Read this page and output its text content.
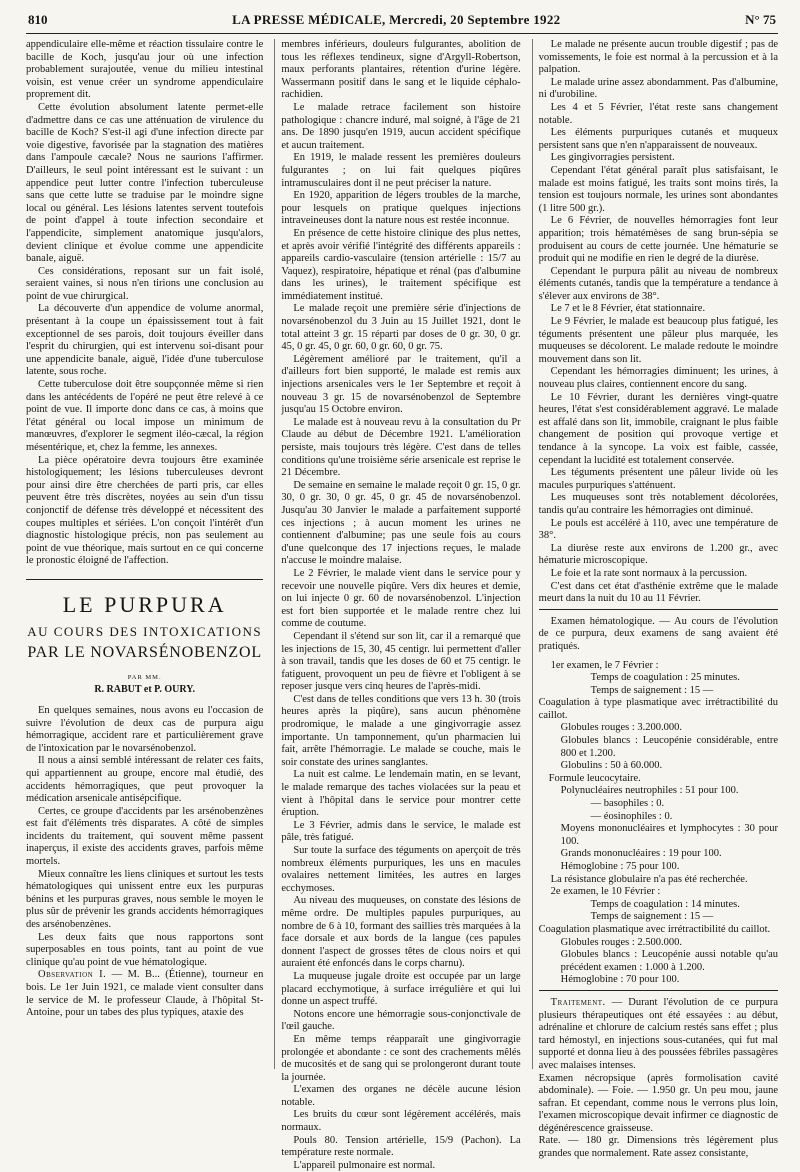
810	LA PRESSE MÉDICALE, Mercredi, 20 Septembre 1922	N° 75

appendiculaire elle-même et réaction tissulaire contre le bacille de Koch, jusqu'au jour où une infection probablement surajoutée, venue du milieu intestinal voisin, est venue créer un syndrome appendiculaire proprement dit.

Cette évolution absolument latente permet-elle d'admettre dans ce cas une atténuation de virulence du bacille de Koch? S'est-il agi d'une infection directe par voie digestive, favorisée par la stagnation des matières dans l'ampoule cæcale? Nous ne saurions l'affirmer. D'ailleurs, le seul point intéressant est le suivant : un appendice peut lutter contre l'infection tuberculeuse sans que cette lutte se traduise par le moindre signe local ou général. Les lésions latentes servent toutefois de point d'appel à toute infection secondaire et l'appendicite, simplement anatomique jusqu'alors, devient clinique et évolue comme une appendicite banale, aiguë.

Ces considérations, reposant sur un fait isolé, seraient vaines, si nous n'en tirions une conclusion au point de vue chirurgical.

La découverte d'un appendice de volume anormal, présentant à la coupe un épaississement tout à fait exceptionnel de ses parois, doit toujours éveiller dans l'esprit du chirurgien, qui est intervenu soi-disant pour une appendicite banale, aiguë, l'idée d'une tuberculose latente, sous roche.

Cette tuberculose doit être soupçonnée même si rien dans les antécédents de l'opéré ne peut être relevé à ce point de vue. Il importe donc dans ce cas, à moins que l'état général ou local impose un minimum de manœuvres, d'explorer le segment iléo-cæcal, la région mésentérique, et, chez la femme, les annexes.

La pièce opératoire devra toujours être examinée histologiquement; les lésions tuberculeuses devront pour ainsi dire être cherchées de parti pris, car elles peuvent être très discrètes, noyées au sein d'un tissu conjonctif de défense très développé et nécessitent des coupes multiples et sériées. L'on conçoit l'intérêt d'un diagnostic histologique précis, non pas seulement au point de vue théorique, mais surtout en ce qui concerne le pronostic éloigné de l'affection.

LE PURPURA
AU COURS DES INTOXICATIONS
PAR LE NOVARSÉNOBENZOL
PAR MM.
R. RABUT et P. OURY.

En quelques semaines, nous avons eu l'occasion de suivre l'évolution de deux cas de purpura aigu hémorragique, accident rare et particulièrement grave de l'intoxication par le novarsénobenzol.

Il nous a ainsi semblé intéressant de relater ces faits, qui appartiennent au groupe, encore mal étudié, des accidents hémorragiques, que peut provoquer la médication arsenicale antisépcifique.

Certes, ce groupe d'accidents par les arsénobenzènes est fait d'éléments très disparates. A côté de simples incidents du traitement, qui souvent même passent inaperçus, il existe des accidents graves, parfois même mortels.

Mieux connaître les liens cliniques et surtout les tests hématologiques qui unissent entre eux les purpuras bénins et les purpuras graves, nous semble le moyen le plus sûr de prévenir les grands accidents hémorragiques des arsénobenzènes.

Les deux faits que nous rapportons sont superposables en tous points, tant au point de vue clinique qu'au point de vue hématologique.

Observation I. — M. B... (Étienne), tourneur en bois. Le 1er Juin 1921, ce malade vient consulter dans le service de M. le professeur Claude, à l'hôpital St-Antoine, pour un tabes des plus typiques, ataxie des

membres inférieurs, douleurs fulgurantes, abolition de tous les réflexes tendineux, signe d'Argyll-Robertson, maux perforants plantaires, rétention d'urine légère. Wassermann positif dans le sang et le liquide céphalo-rachidien.

Le malade retrace facilement son histoire pathologique : chancre induré, mal soigné, à l'âge de 21 ans. De 1890 jusqu'en 1919, aucun accident spécifique et aucun traitement.

En 1919, le malade ressent les premières douleurs fulgurantes ; on lui fait quelques piqûres intramusculaires dont il ne peut préciser la nature.

En 1920, apparition de légers troubles de la marche, pour lesquels on pratique quelques injections intraveineuses dont la nature nous est restée inconnue.

En présence de cette histoire clinique des plus nettes, et après avoir vérifié l'intégrité des différents appareils : appareils cardio-vasculaire (tension artérielle : 15/7 au Vaquez), respiratoire, hépatique et rénal (pas d'albumine dans les urines), le traitement spécifique est immédiatement institué.

Le malade reçoit une première série d'injections de novarsénobenzol du 3 Juin au 15 Juillet 1921, dont le total atteint 3 gr. 15 réparti par doses de 0 gr. 30, 0 gr. 45, 0 gr. 45, 0 gr. 60, 0 gr. 60, 0 gr. 75.

Légèrement amélioré par le traitement, qu'il a d'ailleurs fort bien supporté, le malade est remis aux injections arsenicales vers le 1er Septembre et reçoit à nouveau 3 gr. 15 de novarsénobenzol de Septembre jusqu'au 15 Octobre environ.

Le malade est à nouveau revu à la consultation du Pr Claude au début de Décembre 1921. L'amélioration persiste, mais toujours très légère. C'est dans de telles conditions qu'une troisième série arsenicale est reprise le 21 Décembre.

De semaine en semaine le malade reçoit 0 gr. 15, 0 gr. 30, 0 gr. 30, 0 gr. 45, 0 gr. 45 de novarsénobenzol. Jusqu'au 30 Janvier le malade a parfaitement supporté ces injections ; à aucun moment les urines ne contiennent d'albumine; pas une seule fois au cours d'une quelconque des 17 injections reçues, le malade n'accuse le moindre malaise.

Le 2 Février, le malade vient dans le service pour y recevoir une nouvelle piqûre. Vers dix heures et demie, on lui injecte 0 gr. 60 de novarsénobenzol. L'injection est fort bien supportée et le malade rentre chez lui comme de coutume.

Cependant il s'étend sur son lit, car il a remarqué que les injections de 15, 30, 45 centigr. lui permettent d'aller à son travail, tandis que les doses de 60 et 75 centigr. le fatiguent, provoquent un peu de fièvre et l'obligent à se reposer jusque vers cinq heures de l'après-midi.

C'est dans de telles conditions que vers 13 h. 30 (trois heures après la piqûre), sans aucun phénomène prodromique, le malade a une gingivorragie assez importante. Un tamponnement, qu'un pharmacien lui fait, arrête l'hémorragie. Le malade se couche, mais le soir constate des urines sanglantes.

La nuit est calme. Le lendemain matin, en se levant, le malade remarque des taches violacées sur la peau et vient à l'hôpital dans le service pour montrer cette éruption.

Le 3 Février, admis dans le service, le malade est pâle, très fatigué.

Sur toute la surface des téguments on aperçoit de très nombreux éléments purpuriques, les uns en macules ovalaires nettement limitées, les autres en larges ecchymoses.

Au niveau des muqueuses, on constate des lésions de même ordre. De multiples papules purpuriques, au nombre de 6 à 10, formant des saillies très marquées à la face dorsale et aux bords de la langue (ces papules donnent l'aspect de grosses têtes de clous noirs et qui auraient été enfoncés dans le corps charnu).

La muqueuse jugale droite est occupée par un large placard ecchymotique, à surface irrégulière et qui lui donne un aspect truffé.

Notons encore une hémorragie sous-conjonctivale de l'œil gauche.

En même temps réapparaît une gingivorragie prolongée et abondante : ce sont des crachements mêlés de mucosités et de sang qui se prolongeront durant toute la journée.

L'examen des organes ne décèle aucune lésion notable.

Les bruits du cœur sont légèrement accélérés, mais normaux.

Pouls 80. Tension artérielle, 15/9 (Pachon). La température reste normale.

L'appareil pulmonaire est normal.

Le malade ne présente aucun trouble digestif ; pas de vomissements, le foie est normal à la percussion et à la palpation.

Le malade urine assez abondamment. Pas d'albumine, ni d'urobiline.

Les 4 et 5 Février, l'état reste sans changement notable.

Les éléments purpuriques cutanés et muqueux persistent sans que n'en n'apparaissent de nouveaux.

Les gingivorragies persistent.

Cependant l'état général paraît plus satisfaisant, le malade est moins fatigué, les traits sont moins tirés, la tension est toujours normale, les urines sont abondantes (1 litre 500 gr.).

Le 6 Février, de nouvelles hémorragies font leur apparition; trois hématémèses de sang brun-sépia se produisent au cours de cette journée. Une hématurie se produit qui ne modifie en rien le degré de la diurèse.

Cependant le purpura pâlit au niveau de nombreux éléments cutanés, tandis que la température a tendance à s'élever aux environs de 38°.

Le 7 et le 8 Février, état stationnaire.

Le 9 Février, le malade est beaucoup plus fatigué, les téguments présentent une pâleur plus marquée, les muqueuses se décolorent. Le malade redoute le moindre mouvement dans son lit.

Cependant les hémorragies diminuent; les urines, à nouveau plus claires, contiennent encore du sang.

Le 10 Février, durant les dernières vingt-quatre heures, l'état s'est considérablement aggravé. Le malade est affalé dans son lit, immobile, craignant le plus faible changement de position qui provoque vertige et tendance à la syncope. La voix est faible, cassée, cependant la lucidité est totalement conservée.

Les téguments présentent une pâleur livide où les macules purpuriques s'atténuent.

Les muqueuses sont très notablement décolorées, tandis qu'au contraire les hémorragies ont diminué.

Le pouls est accéléré à 110, avec une température de 38°.

La diurèse reste aux environs de 1.200 gr., avec hématurie microscopique.

Le foie et la rate sont normaux à la percussion.

C'est dans cet état d'asthénie extrême que le malade meurt dans la nuit du 10 au 11 Février.

Examen hématologique. — Au cours de l'évolution de ce purpura, deux examens de sang avaient été pratiqués.

1er examen, le 7 Février :

Temps de coagulation : 25 minutes.

Temps de saignement : 15 —

Coagulation à type plasmatique avec irrétractibilité du caillot.

Globules rouges : 3.200.000.

Globules blancs : Leucopénie considérable, entre 800 et 1.200.

Globulins : 50 à 60.000.

Formule leucocytaire.

Polynucléaires neutrophiles : 51 pour 100.

— basophiles : 0.

— éosinophiles : 0.

Moyens mononucléaires et lymphocytes : 30 pour 100.

Grands mononucléaires : 19 pour 100.

Hémoglobine : 75 pour 100.

La résistance globulaire n'a pas été recherchée.

2e examen, le 10 Février :

Temps de coagulation : 14 minutes.

Temps de saignement : 15 —

Coagulation plasmatique avec irrétractibilité du caillot.

Globules rouges : 2.500.000.

Globules blancs : Leucopénie aussi notable qu'au précédent examen : 1.000 à 1.200.

Hémoglobine : 70 pour 100.

Traitement. — Durant l'évolution de ce purpura plusieurs thérapeutiques ont été essayées : au début, adrénaline et chlorure de calcium restés sans effet ; plus tard hémostyl, en injections sous-cutanées, qui fut mal supporté et donna lieu à des poussées fébriles passagères avec malaises intenses.

Examen nécropsique (après formolisation cavité abdominale). — Foie. — 1.950 gr. Un peu mou, jaune safran. Et cependant, comme nous le verrons plus loin, l'examen microscopique devait infirmer ce diagnostic de dégénérescence graisseuse.

Rate. — 180 gr. Dimensions très légèrement plus grandes que normalement. Rate assez consistante,
